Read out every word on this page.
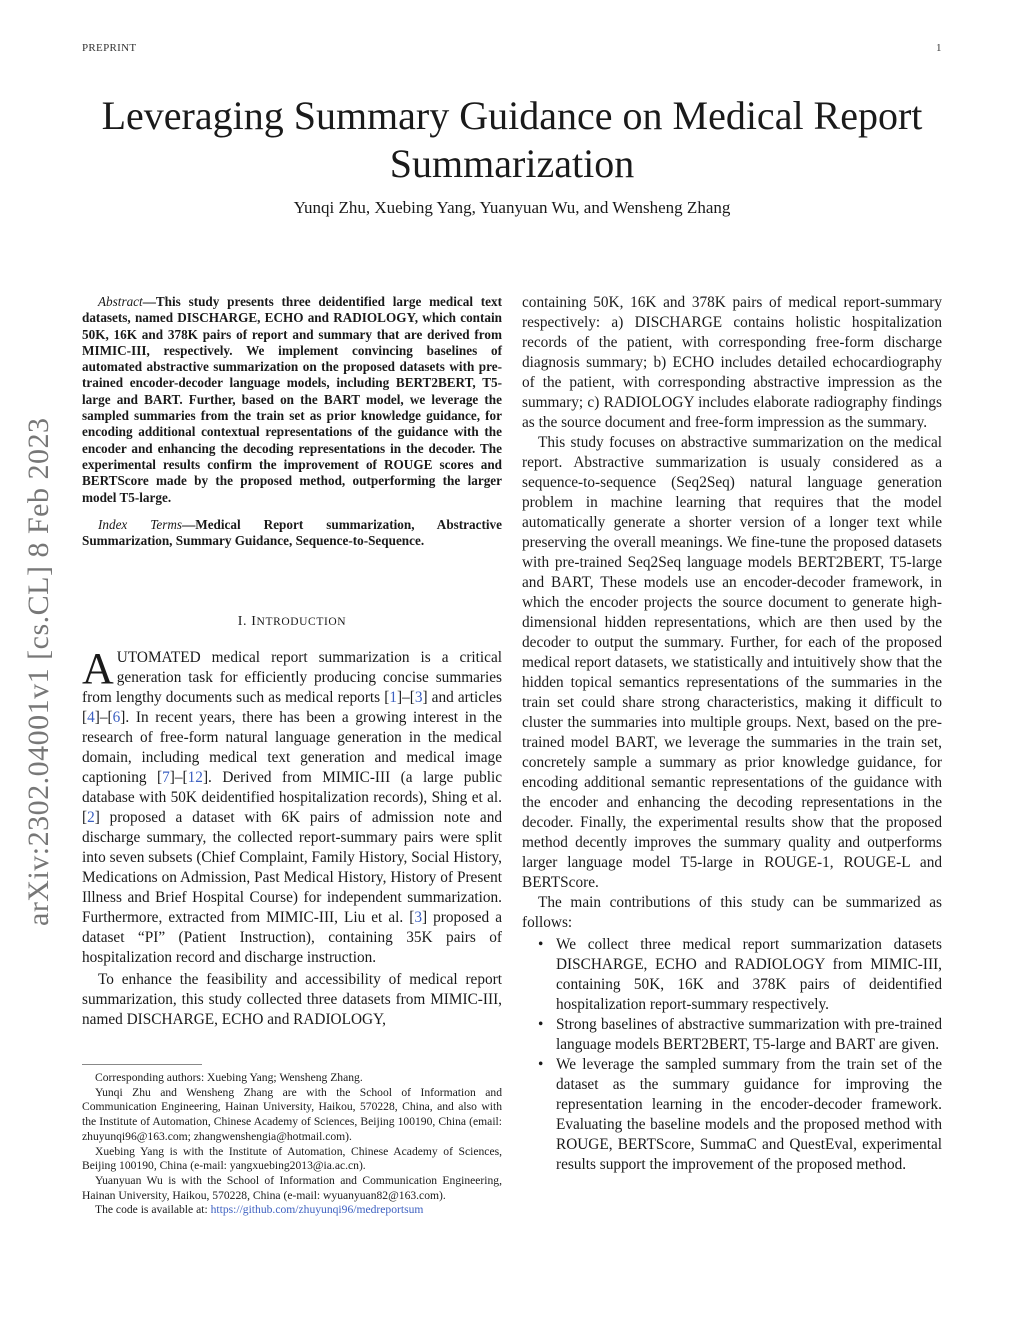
PREPRINT	1
arXiv:2302.04001v1 [cs.CL] 8 Feb 2023
Leveraging Summary Guidance on Medical Report Summarization
Yunqi Zhu, Xuebing Yang, Yuanyuan Wu, and Wensheng Zhang

Abstract—This study presents three deidentified large medical text datasets, named DISCHARGE, ECHO and RADIOLOGY, which contain 50K, 16K and 378K pairs of report and summary that are derived from MIMIC-III, respectively. We implement convincing baselines of automated abstractive summarization on the proposed datasets with pre-trained encoder-decoder language models, including BERT2BERT, T5-large and BART. Further, based on the BART model, we leverage the sampled summaries from the train set as prior knowledge guidance, for encoding additional contextual representations of the guidance with the encoder and enhancing the decoding representations in the decoder. The experimental results confirm the improvement of ROUGE scores and BERTScore made by the proposed method, outperforming the larger model T5-large.

Index Terms—Medical Report summarization, Abstractive Summarization, Summary Guidance, Sequence-to-Sequence.

I. INTRODUCTION

AUTOMATED medical report summarization is a critical generation task for efficiently producing concise summaries from lengthy documents such as medical reports [1]–[3] and articles [4]–[6]. In recent years, there has been a growing interest in the research of free-form natural language generation in the medical domain, including medical text generation and medical image captioning [7]–[12]. Derived from MIMIC-III (a large public database with 50K deidentified hospitalization records), Shing et al. [2] proposed a dataset with 6K pairs of admission note and discharge summary, the collected report-summary pairs were split into seven subsets (Chief Complaint, Family History, Social History, Medications on Admission, Past Medical History, History of Present Illness and Brief Hospital Course) for independent summarization. Furthermore, extracted from MIMIC-III, Liu et al. [3] proposed a dataset “PI” (Patient Instruction), containing 35K pairs of hospitalization record and discharge instruction.

To enhance the feasibility and accessibility of medical report summarization, this study collected three datasets from MIMIC-III, named DISCHARGE, ECHO and RADIOLOGY,

Corresponding authors: Xuebing Yang; Wensheng Zhang.

Yunqi Zhu and Wensheng Zhang are with the School of Information and Communication Engineering, Hainan University, Haikou, 570228, China, and also with the Institute of Automation, Chinese Academy of Sciences, Beijing 100190, China (email: zhuyunqi96@163.com; zhangwenshengia@hotmail.com).

Xuebing Yang is with the Institute of Automation, Chinese Academy of Sciences, Beijing 100190, China (e-mail: yangxuebing2013@ia.ac.cn).

Yuanyuan Wu is with the School of Information and Communication Engineering, Hainan University, Haikou, 570228, China (e-mail: wyuanyuan82@163.com).

The code is available at: https://github.com/zhuyunqi96/medreportsum

containing 50K, 16K and 378K pairs of medical report-summary respectively: a) DISCHARGE contains holistic hospitalization records of the patient, with corresponding free-form discharge diagnosis summary; b) ECHO includes detailed echocardiography of the patient, with corresponding abstractive impression as the summary; c) RADIOLOGY includes elaborate radiography findings as the source document and free-form impression as the summary.

This study focuses on abstractive summarization on the medical report. Abstractive summarization is usualy considered as a sequence-to-sequence (Seq2Seq) natural language generation problem in machine learning that requires that the model automatically generate a shorter version of a longer text while preserving the overall meanings. We fine-tune the proposed datasets with pre-trained Seq2Seq language models BERT2BERT, T5-large and BART, These models use an encoder-decoder framework, in which the encoder projects the source document to generate high-dimensional hidden representations, which are then used by the decoder to output the summary. Further, for each of the proposed medical report datasets, we statistically and intuitively show that the hidden topical semantics representations of the summaries in the train set could share strong characteristics, making it difficult to cluster the summaries into multiple groups. Next, based on the pre-trained model BART, we leverage the summaries in the train set, concretely sample a summary as prior knowledge guidance, for encoding additional semantic representations of the guidance with the encoder and enhancing the decoding representations in the decoder. Finally, the experimental results show that the proposed method decently improves the summary quality and outperforms larger language model T5-large in ROUGE-1, ROUGE-L and BERTScore.

The main contributions of this study can be summarized as follows:

• We collect three medical report summarization datasets DISCHARGE, ECHO and RADIOLOGY from MIMIC-III, containing 50K, 16K and 378K pairs of deidentified hospitalization report-summary respectively.
• Strong baselines of abstractive summarization with pre-trained language models BERT2BERT, T5-large and BART are given.
• We leverage the sampled summary from the train set of the dataset as the summary guidance for improving the representation learning in the encoder-decoder framework. Evaluating the baseline models and the proposed method with ROUGE, BERTScore, SummaC and QuestEval, experimental results support the improvement of the proposed method.
